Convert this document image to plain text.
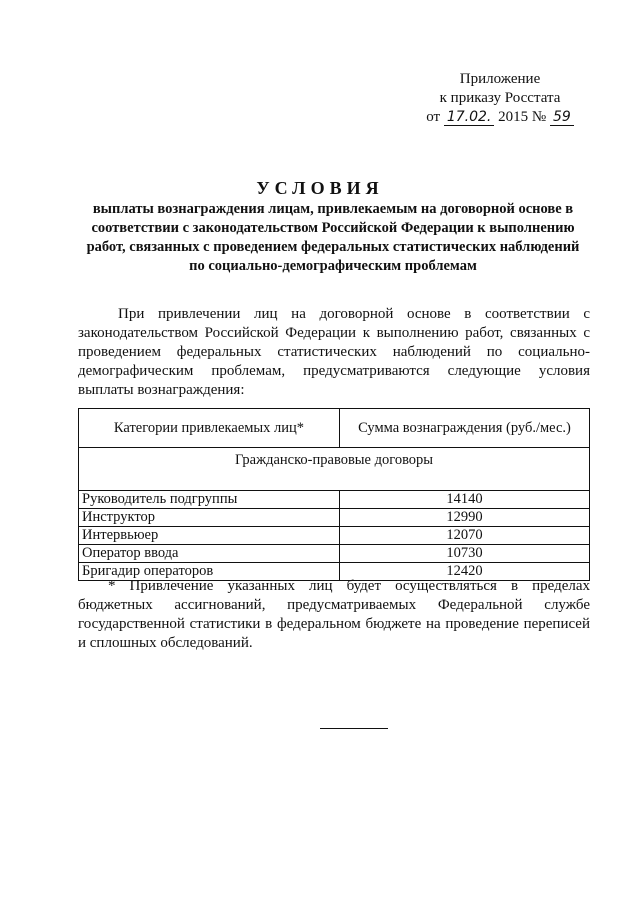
Приложение
к приказу Росстата
от 17.02. 2015 № 59
УСЛОВИЯ
выплаты вознаграждения лицам, привлекаемым на договорной основе в соответствии с законодательством Российской Федерации к выполнению работ, связанных с проведением федеральных статистических наблюдений по социально-демографическим проблемам
При привлечении лиц на договорной основе в соответствии с законодательством Российской Федерации к выполнению работ, связанных с проведением федеральных статистических наблюдений по социально-демографическим проблемам, предусматриваются следующие условия выплаты вознаграждения:
Категории привлекаемых лиц*	Сумма вознаграждения (руб./мес.)
Гражданско-правовые договоры	
Руководитель подгруппы	14140
Инструктор	12990
Интервьюер	12070
Оператор ввода	10730
Бригадир операторов	12420
* Привлечение указанных лиц будет осуществляться в пределах бюджетных ассигнований, предусматриваемых Федеральной службе государственной статистики в федеральном бюджете на проведение переписей и сплошных обследований.
